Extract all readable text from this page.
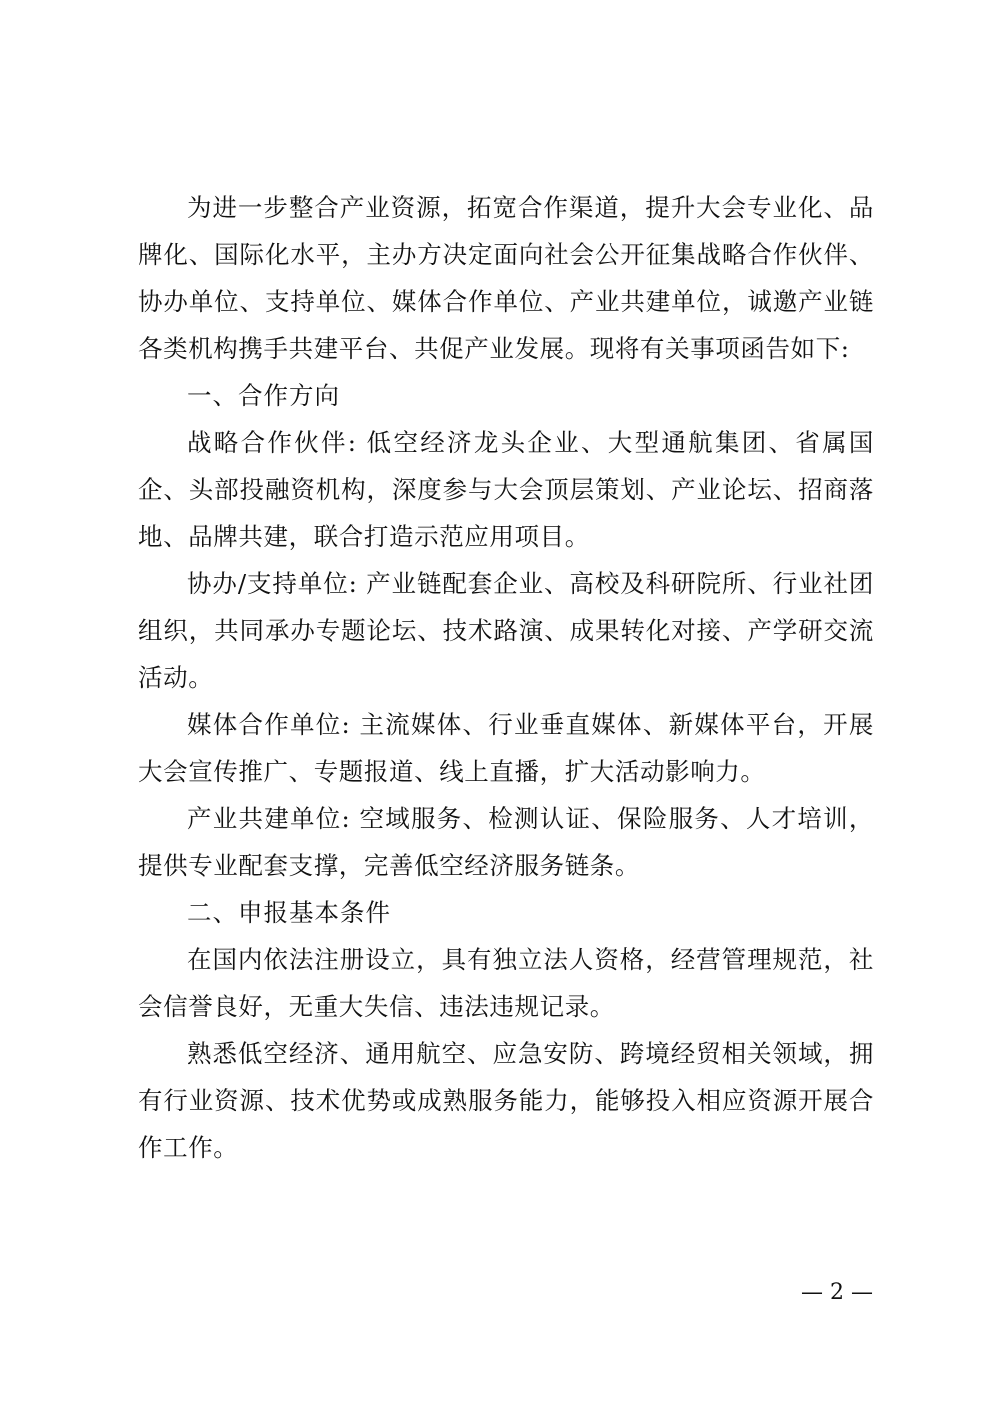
为进一步整合产业资源，拓宽合作渠道，提升大会专业化、品牌化、国际化水平，主办方决定面向社会公开征集战略合作伙伴、协办单位、支持单位、媒体合作单位、产业共建单位，诚邀产业链各类机构携手共建平台、共促产业发展。现将有关事项函告如下:

一、合作方向

战略合作伙伴: 低空经济龙头企业、大型通航集团、省属国企、头部投融资机构，深度参与大会顶层策划、产业论坛、招商落地、品牌共建，联合打造示范应用项目。

协办/支持单位: 产业链配套企业、高校及科研院所、行业社团组织，共同承办专题论坛、技术路演、成果转化对接、产学研交流活动。

媒体合作单位: 主流媒体、行业垂直媒体、新媒体平台，开展大会宣传推广、专题报道、线上直播，扩大活动影响力。

产业共建单位: 空域服务、检测认证、保险服务、人才培训，提供专业配套支撑，完善低空经济服务链条。

二、申报基本条件

在国内依法注册设立，具有独立法人资格，经营管理规范，社会信誉良好，无重大失信、违法违规记录。

熟悉低空经济、通用航空、应急安防、跨境经贸相关领域，拥有行业资源、技术优势或成熟服务能力，能够投入相应资源开展合作工作。

— 2 —
